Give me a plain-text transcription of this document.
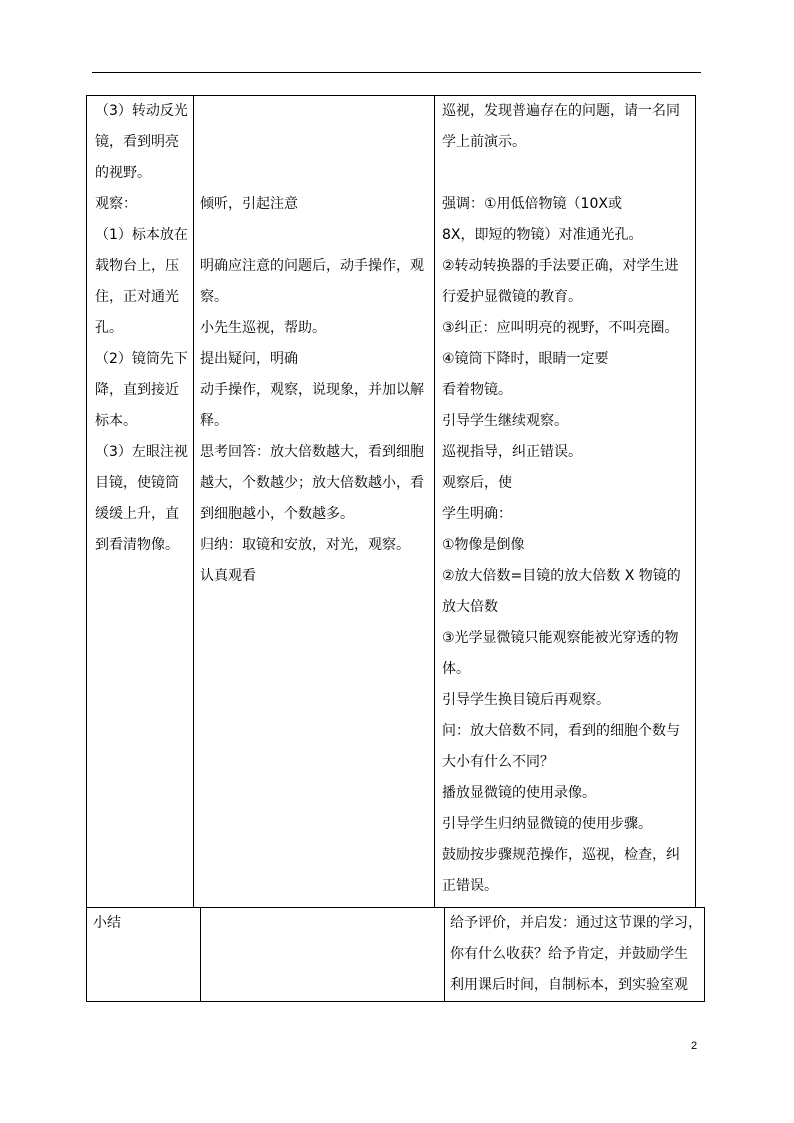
（3）转动反光
镜，看到明亮
的视野。
观察：
（1）标本放在
载物台上，压
住，正对通光
孔。
（2）镜筒先下
降，直到接近
标本。
（3）左眼注视
目镜，使镜筒
缓缓上升，直
到看清物像。
倾听，引起注意
明确应注意的问题后，动手操作，观
察。
小先生巡视，帮助。
提出疑问，明确
动手操作，观察，说现象，并加以解
释。
思考回答：放大倍数越大，看到细胞
越大，个数越少；放大倍数越小，看
到细胞越小，个数越多。
归纳：取镜和安放，对光，观察。
认真观看
巡视，发现普遍存在的问题，请一名同
学上前演示。
强调：①用低倍物镜（10X或
8X，即短的物镜）对准通光孔。
②转动转换器的手法要正确，对学生进
行爱护显微镜的教育。
③纠正：应叫明亮的视野，不叫亮圈。
④镜筒下降时，眼睛一定要
看着物镜。
引导学生继续观察。
巡视指导，纠正错误。
观察后，使
学生明确：
①物像是倒像
②放大倍数=目镜的放大倍数 X 物镜的
放大倍数
③光学显微镜只能观察能被光穿透的物
体。
引导学生换目镜后再观察。
问：放大倍数不同，看到的细胞个数与
大小有什么不同？
播放显微镜的使用录像。
引导学生归纳显微镜的使用步骤。
鼓励按步骤规范操作，巡视，检查，纠
正错误。
小结	给予评价，并启发：通过这节课的学习，
你有什么收获？给予肯定，并鼓励学生
利用课后时间，自制标本，到实验室观
2
